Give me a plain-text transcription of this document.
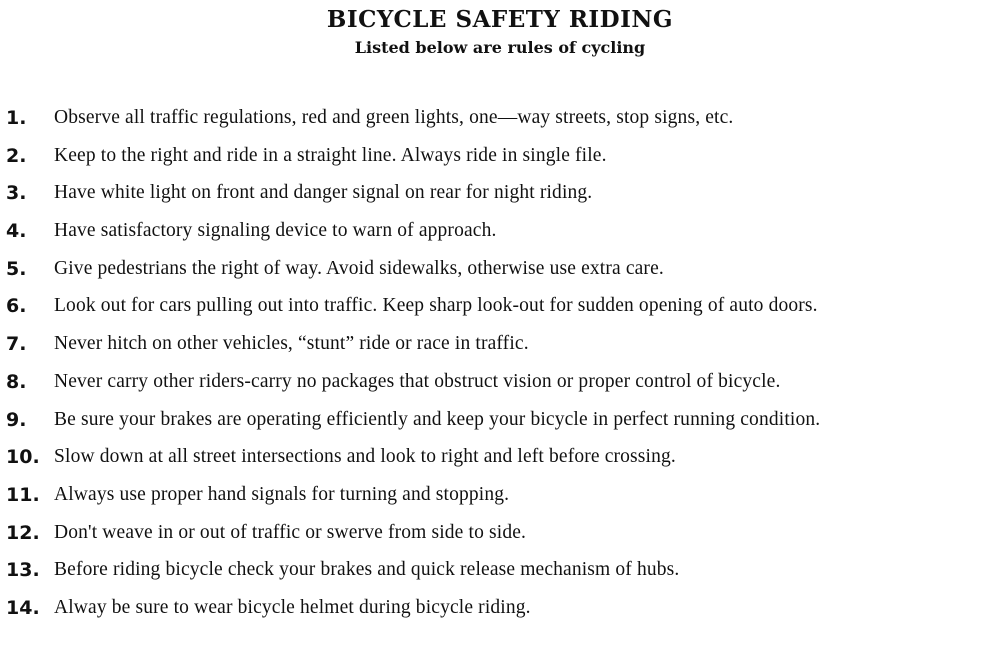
BICYCLE SAFETY RIDING
Listed below are rules of cycling
1. Observe all traffic regulations, red and green lights, one—way streets, stop signs, etc.
2. Keep to the right and ride in a straight line. Always ride in single file.
3. Have white light on front and danger signal on rear for night riding.
4. Have satisfactory signaling device to warn of approach.
5. Give pedestrians the right of way. Avoid sidewalks, otherwise use extra care.
6. Look out for cars pulling out into traffic. Keep sharp look-out for sudden opening of auto doors.
7. Never hitch on other vehicles, “stunt” ride or race in traffic.
8. Never carry other riders-carry no packages that obstruct vision or proper control of bicycle.
9. Be sure your brakes are operating efficiently and keep your bicycle in perfect running condition.
10. Slow down at all street intersections and look to right and left before crossing.
11. Always use proper hand signals for turning and stopping.
12. Don't weave in or out of traffic or swerve from side to side.
13. Before riding bicycle check your brakes and quick release mechanism of hubs.
14. Alway be sure to wear bicycle helmet during bicycle riding.
